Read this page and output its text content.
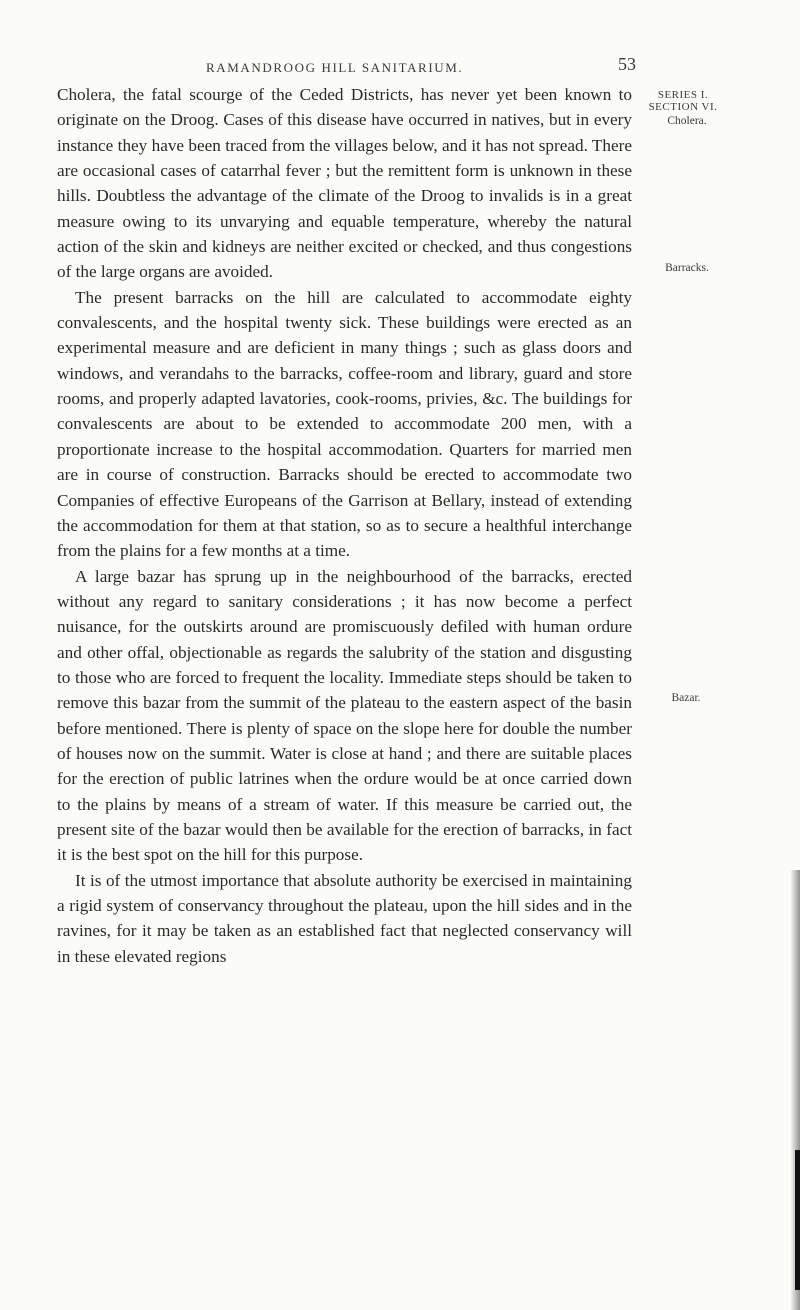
RAMANDROOG HILL SANITARIUM.	53
SERIES I.
SECTION VI.
Cholera.
Barracks.
Bazar.

Cholera, the fatal scourge of the Ceded Districts, has never yet been known to originate on the Droog. Cases of this disease have occurred in natives, but in every instance they have been traced from the villages below, and it has not spread. There are occasional cases of catarrhal fever ; but the remittent form is unknown in these hills. Doubtless the advantage of the climate of the Droog to invalids is in a great measure owing to its unvarying and equable temperature, whereby the natural action of the skin and kidneys are neither excited or checked, and thus congestions of the large organs are avoided.

The present barracks on the hill are calculated to accommodate eighty convalescents, and the hospital twenty sick. These buildings were erected as an experimental measure and are deficient in many things ; such as glass doors and windows, and verandahs to the barracks, coffee-room and library, guard and store rooms, and properly adapted lavatories, cook-rooms, privies, &c. The buildings for convalescents are about to be extended to accommodate 200 men, with a proportionate increase to the hospital accommodation. Quarters for married men are in course of construction. Barracks should be erected to accommodate two Companies of effective Europeans of the Garrison at Bellary, instead of extending the accommodation for them at that station, so as to secure a healthful interchange from the plains for a few months at a time.

A large bazar has sprung up in the neighbourhood of the barracks, erected without any regard to sanitary considerations ; it has now become a perfect nuisance, for the outskirts around are promiscuously defiled with human ordure and other offal, objectionable as regards the salubrity of the station and disgusting to those who are forced to frequent the locality. Immediate steps should be taken to remove this bazar from the summit of the plateau to the eastern aspect of the basin before mentioned. There is plenty of space on the slope here for double the number of houses now on the summit. Water is close at hand ; and there are suitable places for the erection of public latrines when the ordure would be at once carried down to the plains by means of a stream of water. If this measure be carried out, the present site of the bazar would then be available for the erection of barracks, in fact it is the best spot on the hill for this purpose.

It is of the utmost importance that absolute authority be exercised in maintaining a rigid system of conservancy throughout the plateau, upon the hill sides and in the ravines, for it may be taken as an established fact that neglected conservancy will in these elevated regions
